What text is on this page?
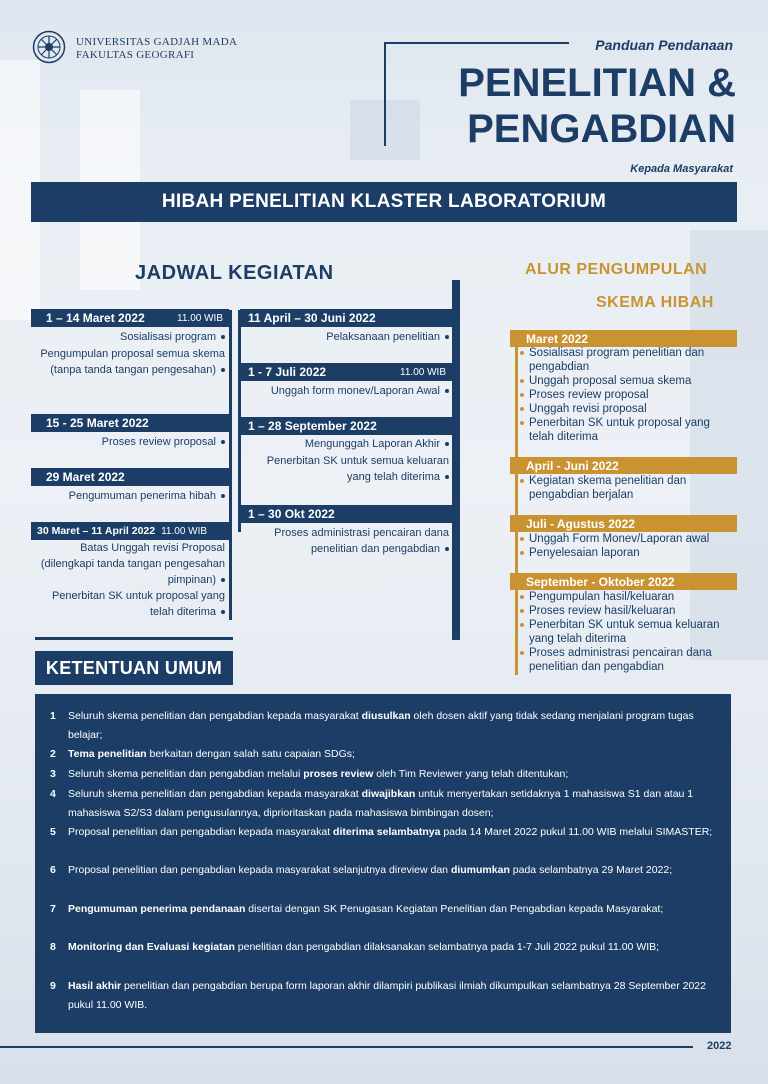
UNIVERSITAS GADJAH MADA
FAKULTAS GEOGRAFI
Panduan Pendanaan
PENELITIAN &
PENGABDIAN
Kepada Masyarakat
HIBAH PENELITIAN KLASTER LABORATORIUM
JADWAL KEGIATAN
1 – 14 Maret 2022	11.00 WIB
Sosialisasi program
Pengumpulan proposal semua skema (tanpa tanda tangan pengesahan)
15 - 25 Maret 2022
Proses review proposal
29 Maret 2022
Pengumuman penerima hibah
30 Maret – 11 April 2022 11.00 WIB
Batas Unggah revisi Proposal (dilengkapi tanda tangan pengesahan pimpinan)
Penerbitan SK untuk proposal yang telah diterima
11 April – 30 Juni 2022
Pelaksanaan penelitian
1 - 7 Juli 2022	11.00 WIB
Unggah form monev/Laporan Awal
1 – 28 September 2022
Mengunggah Laporan Akhir
Penerbitan SK untuk semua keluaran yang telah diterima
1 – 30 Okt 2022
Proses administrasi pencairan dana penelitian dan pengabdian
ALUR PENGUMPULAN
SKEMA HIBAH
Maret 2022
Sosialisasi program penelitian dan pengabdian
Unggah proposal semua skema
Proses review proposal
Unggah revisi proposal
Penerbitan SK untuk proposal yang telah diterima
April - Juni 2022
Kegiatan skema penelitian dan pengabdian berjalan
Juli - Agustus 2022
Unggah Form Monev/Laporan awal
Penyelesaian laporan
September - Oktober 2022
Pengumpulan hasil/keluaran
Proses review hasil/keluaran
Penerbitan SK untuk semua keluaran yang telah diterima
Proses administrasi pencairan dana penelitian dan pengabdian
KETENTUAN UMUM
1 Seluruh skema penelitian dan pengabdian kepada masyarakat diusulkan oleh dosen aktif yang tidak sedang menjalani program tugas belajar;
2 Tema penelitian berkaitan dengan salah satu capaian SDGs;
3 Seluruh skema penelitian dan pengabdian melalui proses review oleh Tim Reviewer yang telah ditentukan;
4 Seluruh skema penelitian dan pengabdian kepada masyarakat diwajibkan untuk menyertakan setidaknya 1 mahasiswa S1 dan atau 1 mahasiswa S2/S3 dalam pengusulannya, diprioritaskan pada mahasiswa bimbingan dosen;
5 Proposal penelitian dan pengabdian kepada masyarakat diterima selambatnya pada 14 Maret 2022 pukul 11.00 WIB melalui SIMASTER;
6 Proposal penelitian dan pengabdian kepada masyarakat selanjutnya direview dan diumumkan pada selambatnya 29 Maret 2022;
7 Pengumuman penerima pendanaan disertai dengan SK Penugasan Kegiatan Penelitian dan Pengabdian kepada Masyarakat;
8 Monitoring dan Evaluasi kegiatan penelitian dan pengabdian dilaksanakan selambatnya pada 1-7 Juli 2022 pukul 11.00 WIB;
9 Hasil akhir penelitian dan pengabdian berupa form laporan akhir dilampiri publikasi ilmiah dikumpulkan selambatnya 28 September 2022 pukul 11.00 WIB.
2022
